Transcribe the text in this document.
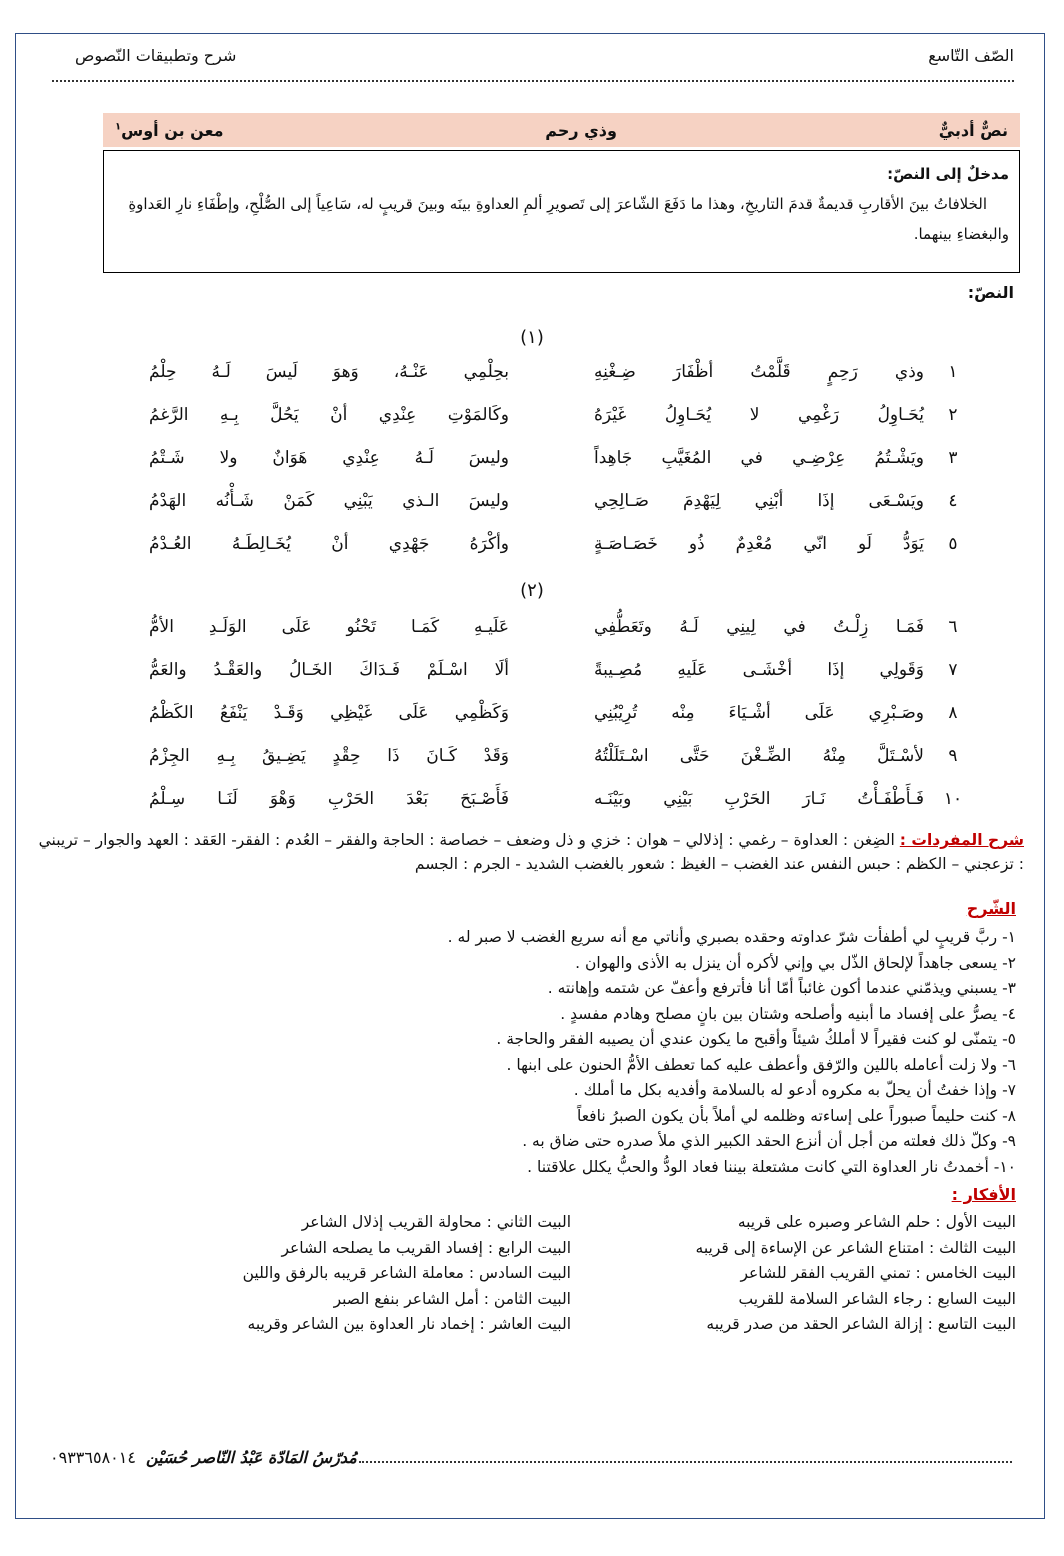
الصّف التّاسع
شرح وتطبيقات النّصوص
نصٌّ أدبيٌّ
وذي رحم
معن بن أوس$^١$
مدخلٌ إلى النصّ:
الخلافاتُ بينَ الأقاربِ قديمةٌ قدمَ التاريخِ، وهذا ما دَفَعَ الشّاعرَ إلى تَصويرِ ألمِ العداوةِ بينَه وبينَ قريبٍ له، سَاعِياً إلى الصُّلْحِ، وإطْفَاءِ نارِ العَداوةِ والبغضاءِ بينهما.
النصّ:
(١)
(٢)
١
وذي رَحِمٍ قَلَّمْتُ أظْفَارَ ضِـغْنِهِ
بحِلْمِي عَنْـهُ، وَهوَ لَيسَ لَـهُ حِلْمُ
٢
يُحَـاوِلُ رَغْمِي لا يُحَـاوِلُ غَيْرَهُ
وكَالمَوْتِ عِنْدِي أنْ يَحُلَّ بِـهِ الرَّغمُ
٣
ويَشْـتُمُ عِرْضِـي في المُغَيَّبِ جَاهِداً
وليسَ لَـهُ عِنْدِي هَوَانٌ ولا شَـتْمُ
٤
ويَسْـعَى إذَا أبْنِي لِيَهْدِمَ صَـالِحِي
وليسَ الـذي يَبْنِي كَمَنْ شَـأْنُه الهَدْمُ
٥
يَوَدُّ لَو انّي مُعْدِمٌ ذُو خَصَـاصَـةٍ
وأكْرَهُ جَهْدِي أنْ يُخَـالِطَـهُ العُـدْمُ
٦
فَمَـا زِلْـتُ في لِينِي لَـهُ وتَعَطُّفِي
عَلَيـهِ كَمَـا تَحْنُو عَلَى الوَلَـدِ الأمُّ
٧
وَقَولِي إذَا أخْشَـى عَلَيهِ مُصِـيبةً
ألَا اسْـلَمْ فَـدَاكَ الخَـالُ والعَقْـدُ والعَمُّ
٨
وصَـبْرِي عَلَى أشْـيَاءَ مِنْه تُرِيْبُنِي
وَكَظْمِي عَلَى غَيْظِي وَقَـدْ يَنْفَعُ الكَظْمُ
٩
لأسْـتَلَّ مِنْهُ الضِّـغْنَ حَتَّى اسْـتَلَلْتُهُ
وَقَدْ كَـانَ ذَا حِقْدٍ يَضِـيقُ بِـهِ الجِزْمُ
١٠
فَـأَطْفَـأْتُ نَـارَ الحَرْبِ بَيْنِي وبَيْنَـه
فَأَصْـبَحَ بَعْدَ الحَرْبِ وَهْوَ لَنَـا سِـلْمُ
شرح المفردات : الضِغن : العداوة – رغمي : إذلالي – هوان : خزي و ذل وضعف – خصاصة : الحاجة والفقر – العُدم : الفقر- العَقد : العهد والجوار – تريبني : تزعجني – الكظم : حبس النفس عند الغضب – الغيظ : شعور بالغضب الشديد - الجرم : الجسم
الشّرح
١- ربَّ قريبٍ لي أطفأت شرّ عداوته وحقده بصبري وأناتي مع أنه سريع الغضب لا صبر له .
٢- يسعى جاهداً لإلحاق الذّل بي وإني لأكره أن ينزل به الأذى والهوان .
٣- يسبني ويذمّني عندما أكون غائباً أمّا أنا فأترفع وأعفّ عن شتمه وإهانته .
٤- يصرُّ على إفساد ما أبنيه وأصلحه وشتان بين بانٍ مصلح وهادم مفسدٍ .
٥- يتمنّى لو كنت فقيراً لا أملكُ شيئاً وأقبح ما يكون عندي أن يصيبه الفقر والحاجة .
٦- ولا زلت أعامله باللين والرّفق وأعطف عليه كما تعطف الأمُّ الحنون على ابنها .
٧- وإذا خفتُ أن يحلّ به مكروه أدعو له بالسلامة وأفديه بكل ما أملك .
٨- كنت حليماً صبوراً على إساءته وظلمه لي أملاً بأن يكون الصبرُ نافعاً
٩- وكلّ ذلك فعلته من أجل أن أنزع الحقد الكبير الذي ملأ صدره حتى ضاق به .
١٠- أخمدتُ نار العداوة التي كانت مشتعلة بيننا فعاد الودُّ والحبُّ يكلل علاقتنا .
الأفكار :
البيت الأول : حلم الشاعر وصبره على قريبه
البيت الثاني : محاولة القريب إذلال الشاعر
البيت الثالث : امتناع الشاعر عن الإساءة إلى قريبه
البيت الرابع : إفساد القريب ما يصلحه الشاعر
البيت الخامس : تمني القريب الفقر للشاعر
البيت السادس : معاملة الشاعر قريبه بالرفق واللين
البيت السابع : رجاء الشاعر السلامة للقريب
البيت الثامن : أمل الشاعر بنفع الصبر
البيت التاسع : إزالة الشاعر الحقد من صدر قريبه
البيت العاشر : إخماد نار العداوة بين الشاعر وقريبه
مُدرّسُ المَادّة عَبْدُ النّاصر حُسَيْن
٠٩٣٣٦٥٨٠١٤
